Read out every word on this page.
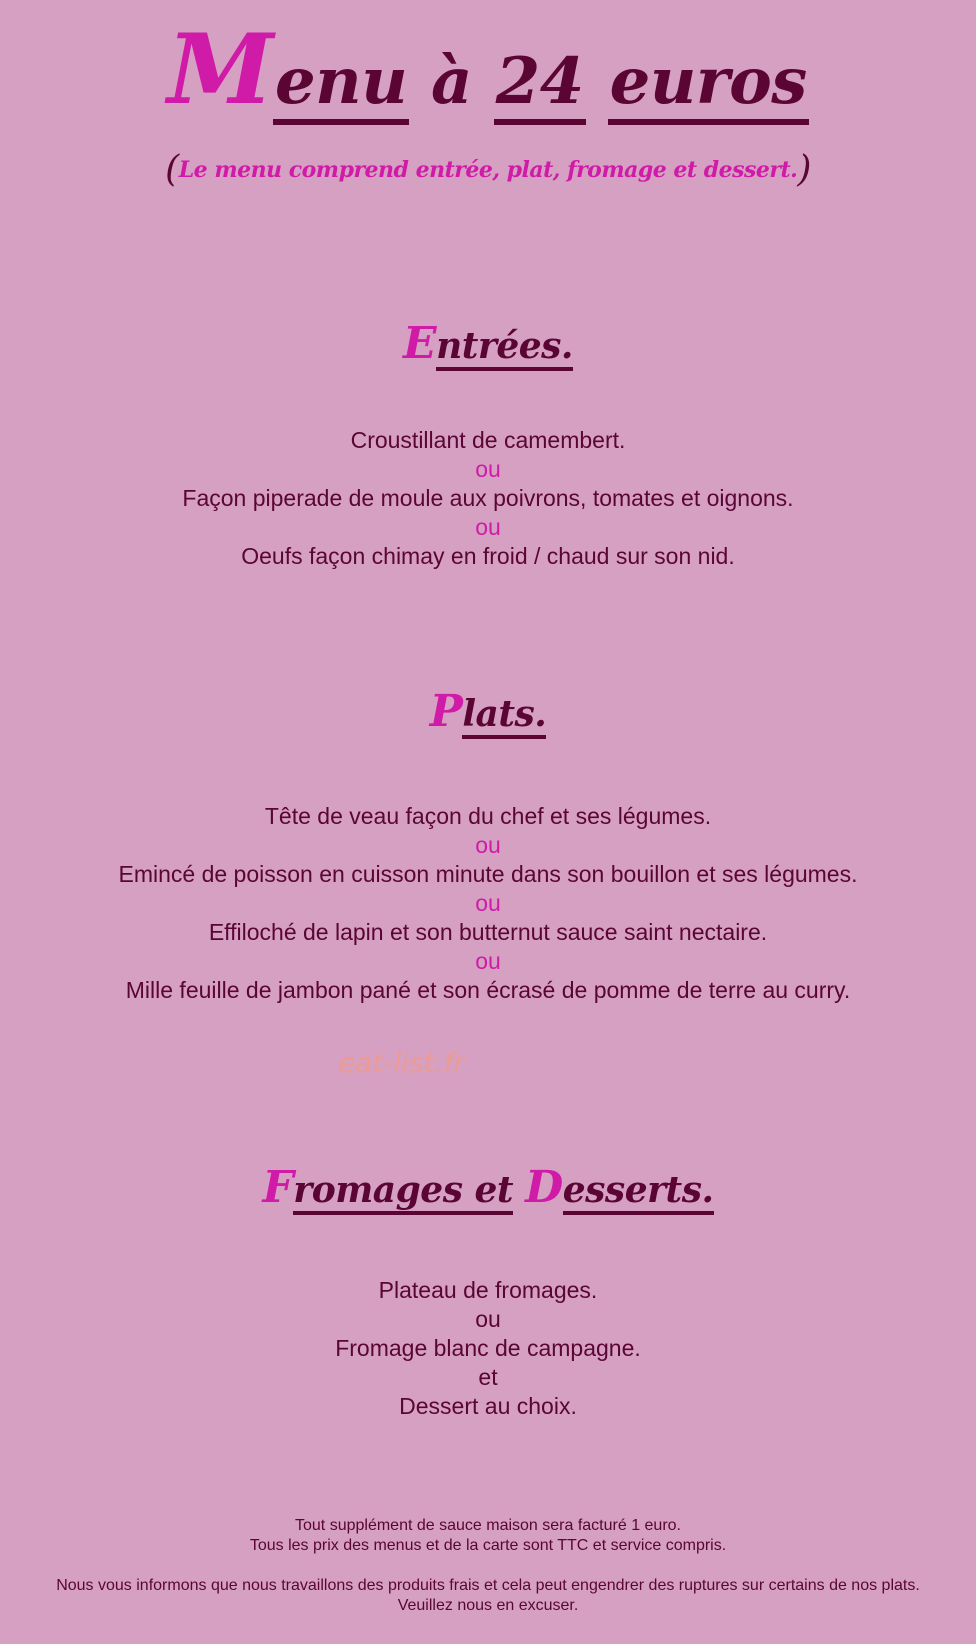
Menu à 24 euros
(Le menu comprend entrée, plat, fromage et dessert.)
Entrées.
Croustillant de camembert.
ou
Façon piperade de moule aux poivrons, tomates et oignons.
ou
Oeufs façon chimay en froid / chaud sur son nid.
Plats.
Tête de veau façon du chef et ses légumes.
ou
Emincé de poisson en cuisson minute dans son bouillon et ses légumes.
ou
Effiloché de lapin et son butternut sauce saint nectaire.
ou
Mille feuille de jambon pané et son écrasé de pomme de terre au curry.
eat-list.fr
Fromages et Desserts.
Plateau de fromages.
ou
Fromage blanc de campagne.
et
Dessert au choix.
Tout supplément de sauce maison sera facturé 1 euro.
Tous les prix des menus et de la carte sont TTC et service compris.
Nous vous informons que nous travaillons des produits frais et cela peut engendrer des ruptures sur certains de nos plats.
Veuillez nous en excuser.
